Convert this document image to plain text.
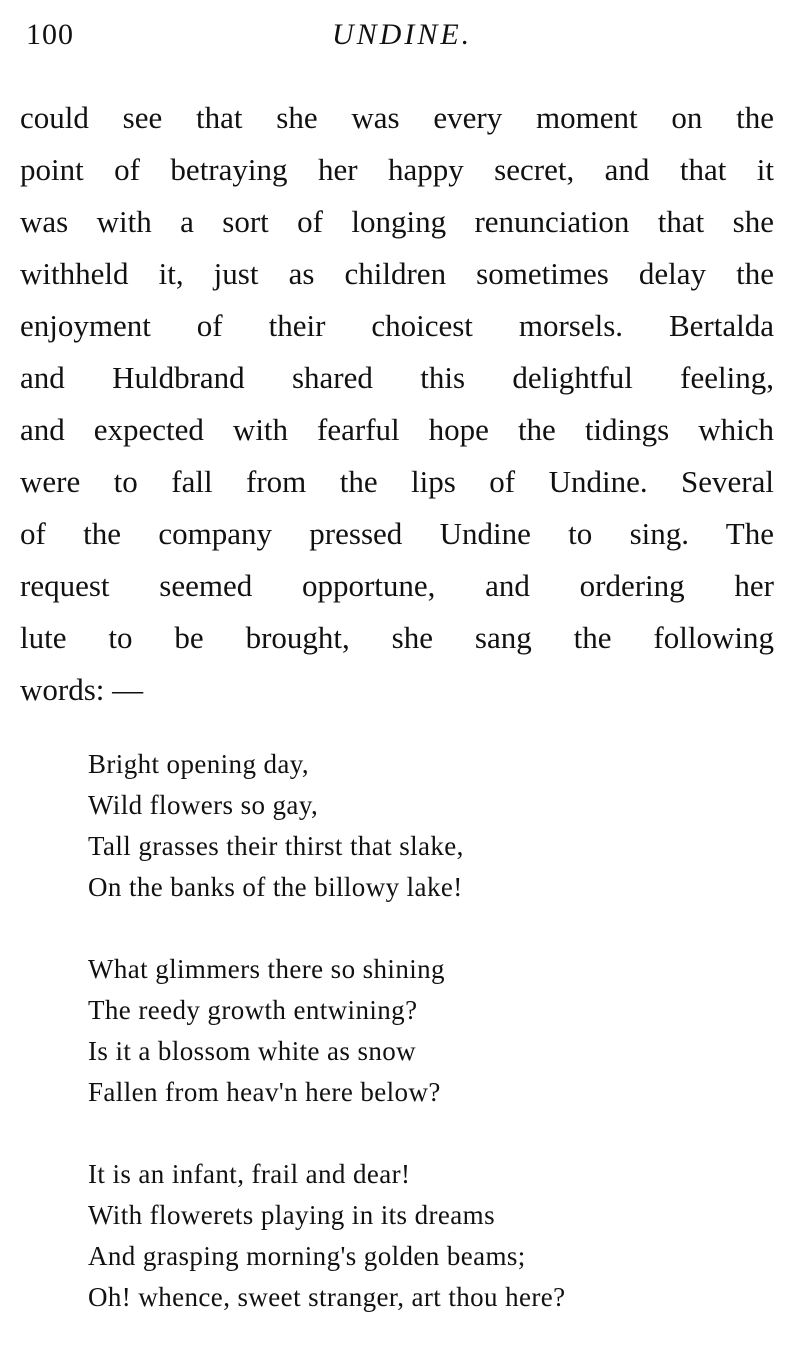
100	UNDINE.
could see that she was every moment on the
point of betraying her happy secret, and that it
was with a sort of longing renunciation that she
withheld it, just as children sometimes delay the
enjoyment of their choicest morsels. Bertalda
and Huldbrand shared this delightful feeling,
and expected with fearful hope the tidings which
were to fall from the lips of Undine. Several
of the company pressed Undine to sing. The
request seemed opportune, and ordering her
lute to be brought, she sang the following
words: —
Bright opening day,
Wild flowers so gay,
Tall grasses their thirst that slake,
On the banks of the billowy lake!
What glimmers there so shining
The reedy growth entwining?
Is it a blossom white as snow
Fallen from heav'n here below?
It is an infant, frail and dear!
With flowerets playing in its dreams
And grasping morning's golden beams;
Oh! whence, sweet stranger, art thou here?
